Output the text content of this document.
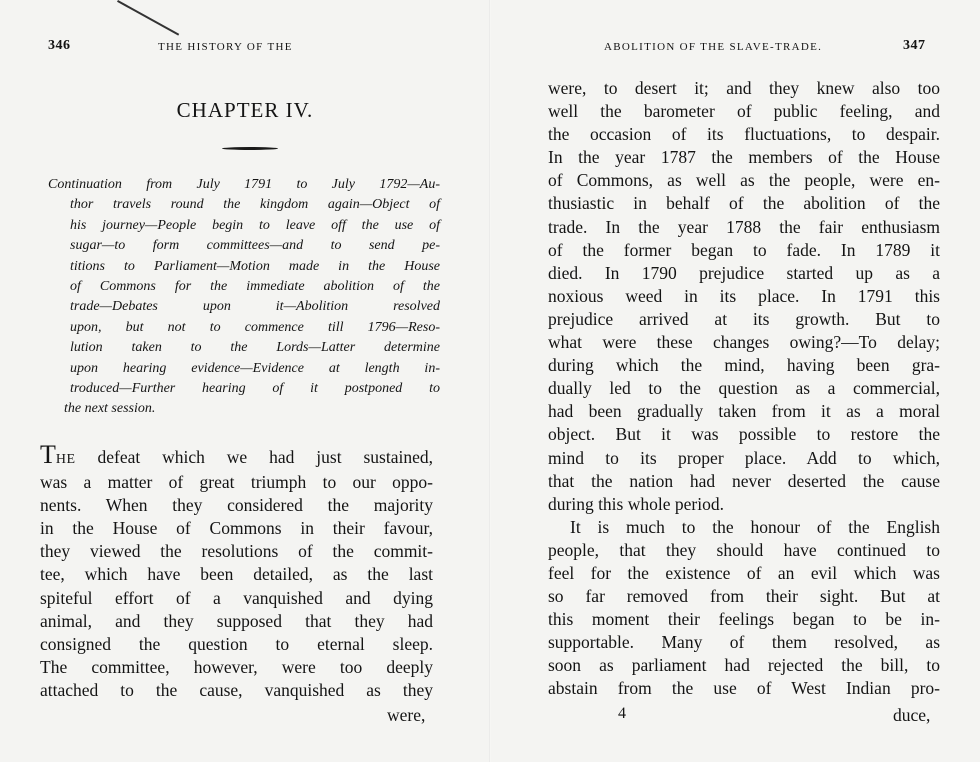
346	THE HISTORY OF THE
CHAPTER IV.
Continuation from July 1791 to July 1792—Au-
thor travels round the kingdom again—Object of
his journey—People begin to leave off the use of
sugar—to form committees—and to send pe-
titions to Parliament—Motion made in the House
of Commons for the immediate abolition of the
trade—Debates upon it—Abolition resolved
upon, but not to commence till 1796—Reso-
lution taken to the Lords—Latter determine
upon hearing evidence—Evidence at length in-
troduced—Further hearing of it postponed to
the next session.
THE defeat which we had just sustained,
was a matter of great triumph to our oppo-
nents. When they considered the majority
in the House of Commons in their favour,
they viewed the resolutions of the commit-
tee, which have been detailed, as the last
spiteful effort of a vanquished and dying
animal, and they supposed that they had
consigned the question to eternal sleep.
The committee, however, were too deeply
attached to the cause, vanquished as they
were,
ABOLITION OF THE SLAVE-TRADE.	347
were, to desert it; and they knew also too
well the barometer of public feeling, and
the occasion of its fluctuations, to despair.
In the year 1787 the members of the House
of Commons, as well as the people, were en-
thusiastic in behalf of the abolition of the
trade. In the year 1788 the fair enthusiasm
of the former began to fade. In 1789 it
died. In 1790 prejudice started up as a
noxious weed in its place. In 1791 this
prejudice arrived at its growth. But to
what were these changes owing?—To delay;
during which the mind, having been gra-
dually led to the question as a commercial,
had been gradually taken from it as a moral
object. But it was possible to restore the
mind to its proper place. Add to which,
that the nation had never deserted the cause
during this whole period.
It is much to the honour of the English
people, that they should have continued to
feel for the existence of an evil which was
so far removed from their sight. But at
this moment their feelings began to be in-
supportable. Many of them resolved, as
soon as parliament had rejected the bill, to
abstain from the use of West Indian pro-
4	duce,
